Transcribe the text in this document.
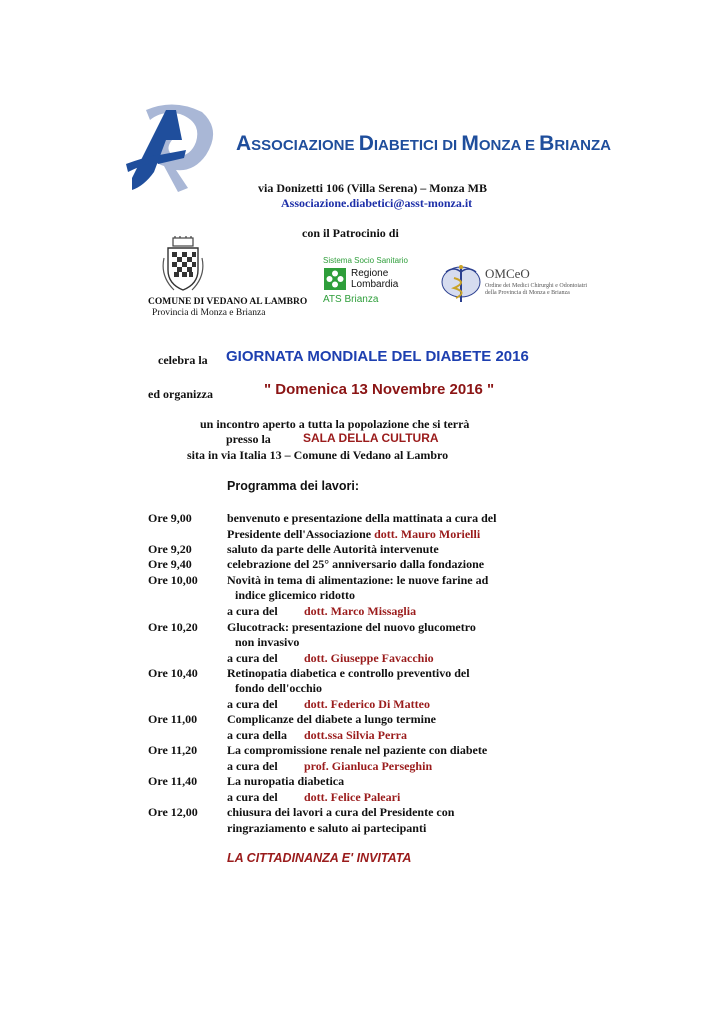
ASSOCIAZIONE DIABETICI DI MONZA E BRIANZA
via Donizetti 106 (Villa Serena) – Monza MB
Associazione.diabetici@asst-monza.it
con il Patrocinio di
COMUNE DI VEDANO AL LAMBRO
Provincia di Monza e Brianza
Sistema Socio Sanitario
Regione
Lombardia
ATS Brianza
OMCeO
Ordine dei Medici Chirurghi e Odontoiatri
della Provincia di Monza e Brianza
celebra la GIORNATA MONDIALE DEL DIABETE 2016
ed organizza	" Domenica 13 Novembre 2016 "
un incontro aperto a tutta la popolazione che si terrà
presso la	SALA DELLA CULTURA
sita in via Italia 13 – Comune di Vedano al Lambro
Programma dei lavori:
Ore 9,00	benvenuto e presentazione della mattinata a cura del
Presidente dell'Associazione dott. Mauro Morielli
Ore 9,20	saluto da parte delle Autorità intervenute
Ore 9,40	celebrazione del 25° anniversario dalla fondazione
Ore 10,00 Novità in tema di alimentazione: le nuove farine ad
indice glicemico ridotto
a cura del dott. Marco Missaglia
Ore 10,20 Glucotrack: presentazione del nuovo glucometro
non invasivo
a cura del dott. Giuseppe Favacchio
Ore 10,40 Retinopatia diabetica e controllo preventivo del
fondo dell'occhio
a cura del dott. Federico Di Matteo
Ore 11,00 Complicanze del diabete a lungo termine
a cura della dott.ssa Silvia Perra
Ore 11,20 La compromissione renale nel paziente con diabete
a cura del prof. Gianluca Perseghin
Ore 11,40 La nuropatia diabetica
a cura del dott. Felice Paleari
Ore 12,00 chiusura dei lavori a cura del Presidente con
ringraziamento e saluto ai partecipanti
LA CITTADINANZA E' INVITATA
